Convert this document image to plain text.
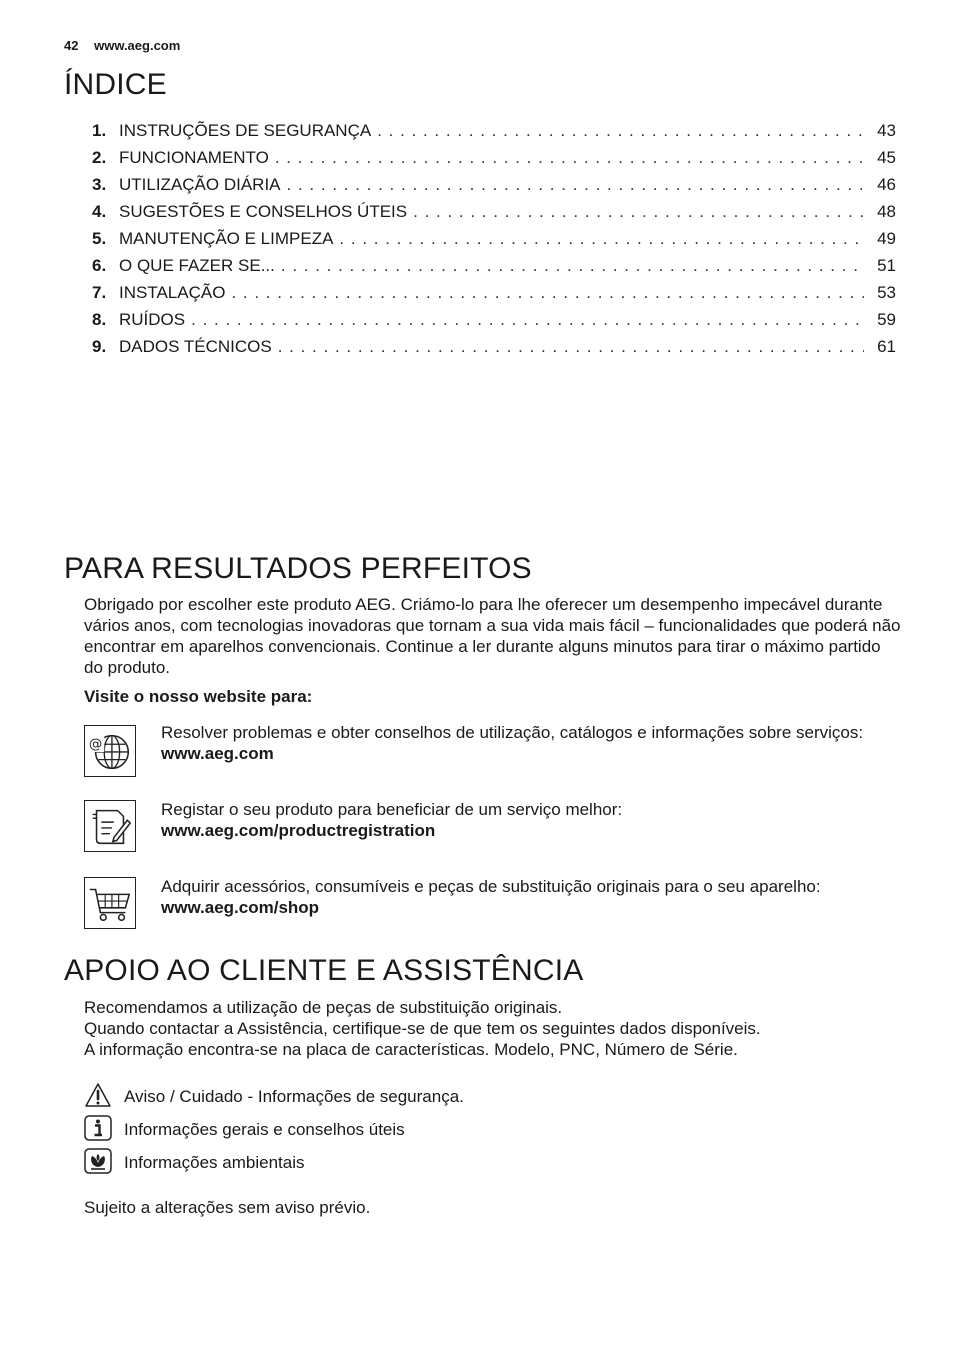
42 www.aeg.com
ÍNDICE
1. INSTRUÇÕES DE SEGURANÇA . . .	43
2. FUNCIONAMENTO . . .	45
3. UTILIZAÇÃO DIÁRIA . . .	46
4. SUGESTÕES E CONSELHOS ÚTEIS . . .	48
5. MANUTENÇÃO E LIMPEZA . . .	49
6. O QUE FAZER SE... . . .	51
7. INSTALAÇÃO . . .	53
8. RUÍDOS . . .	59
9. DADOS TÉCNICOS . . .	61
PARA RESULTADOS PERFEITOS

Obrigado por escolher este produto AEG. Criámo-lo para lhe oferecer um desempenho impecável durante vários anos, com tecnologias inovadoras que tornam a sua vida mais fácil – funcionalidades que poderá não encontrar em aparelhos convencionais. Continue a ler durante alguns minutos para tirar o máximo partido do produto.

Visite o nosso website para:

@
Resolver problemas e obter conselhos de utilização, catálogos e informações sobre serviços:
www.aeg.com
Registar o seu produto para beneficiar de um serviço melhor:
www.aeg.com/productregistration
Adquirir acessórios, consumíveis e peças de substituição originais para o seu aparelho:
www.aeg.com/shop
APOIO AO CLIENTE E ASSISTÊNCIA
Recomendamos a utilização de peças de substituição originais.
Quando contactar a Assistência, certifique-se de que tem os seguintes dados disponíveis.
A informação encontra-se na placa de características. Modelo, PNC, Número de Série.
Aviso / Cuidado - Informações de segurança.
Informações gerais e conselhos úteis
Informações ambientais

Sujeito a alterações sem aviso prévio.
